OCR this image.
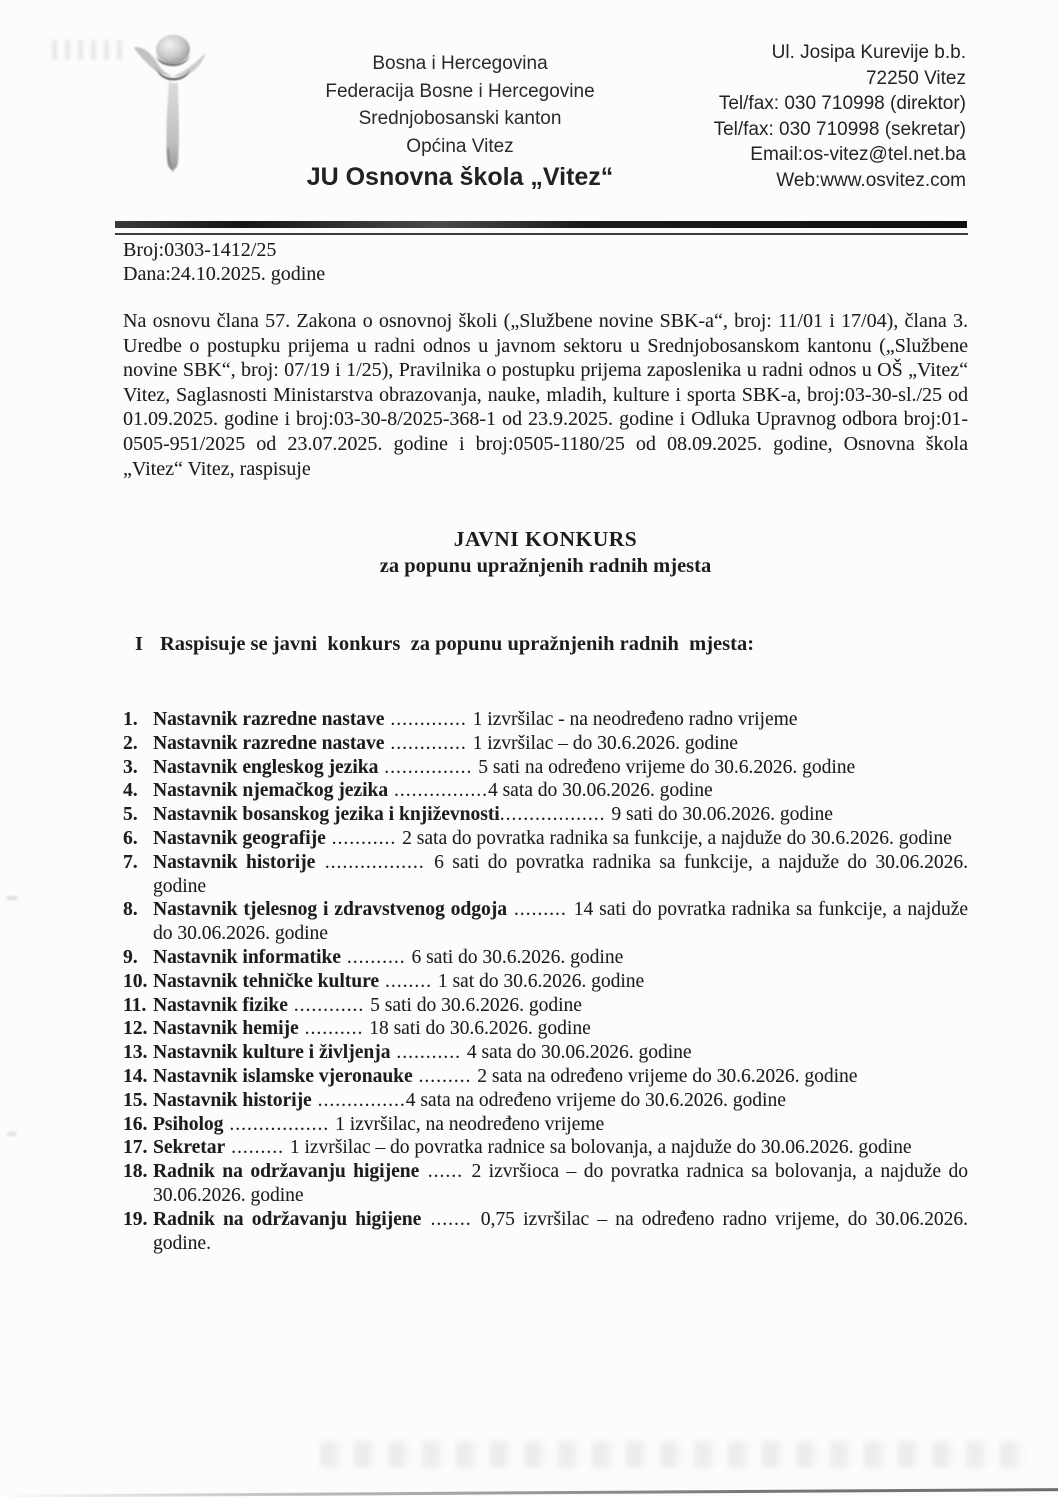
Bosna i Hercegovina
Federacija Bosne i Hercegovine
Srednjobosanski kanton
Općina Vitez
JU Osnovna škola „Vitez“
Ul. Josipa Kurevije b.b.
72250 Vitez
Tel/fax: 030 710998 (direktor)
Tel/fax: 030 710998 (sekretar)
Email:os-vitez@tel.net.ba
Web:www.osvitez.com
Broj:0303-1412/25
Dana:24.10.2025. godine

Na osnovu člana 57. Zakona o osnovnoj školi („Službene novine SBK-a“, broj: 11/01 i 17/04), člana 3. Uredbe o postupku prijema u radni odnos u javnom sektoru u Srednjobosanskom kantonu („Službene novine SBK“, broj: 07/19 i 1/25), Pravilnika o postupku prijema zaposlenika u radni odnos u OŠ „Vitez“ Vitez, Saglasnosti Ministarstva obrazovanja, nauke, mladih, kulture i sporta SBK-a, broj:03-30-sl./25 od 01.09.2025. godine i broj:03-30-8/2025-368-1 od 23.9.2025. godine i Odluka Upravnog odbora broj:01-0505-951/2025 od 23.07.2025. godine i broj:0505-1180/25 od 08.09.2025. godine, Osnovna škola „Vitez“ Vitez, raspisuje

JAVNI KONKURS
za popunu upražnjenih radnih mjesta
I Raspisuje se javni  konkurs  za popunu upražnjenih radnih  mjesta:
1. Nastavnik razredne nastave ............. 1 izvršilac - na neodređeno radno vrijeme
2. Nastavnik razredne nastave ............. 1 izvršilac – do 30.6.2026. godine
3. Nastavnik engleskog jezika ............... 5 sati na određeno vrijeme do 30.6.2026. godine
4. Nastavnik njemačkog jezika ................4 sata do 30.06.2026. godine
5. Nastavnik bosanskog jezika i književnosti.................. 9 sati do 30.06.2026. godine
6. Nastavnik geografije ........... 2 sata do povratka radnika sa funkcije, a najduže do 30.6.2026. godine
7. Nastavnik historije ................. 6 sati do povratka radnika sa funkcije, a najduže do 30.06.2026. godine
8. Nastavnik tjelesnog i zdravstvenog odgoja ......... 14 sati do povratka radnika sa funkcije, a najduže do 30.06.2026. godine
9. Nastavnik informatike .......... 6 sati do 30.6.2026. godine
10. Nastavnik tehničke kulture ........ 1 sat do 30.6.2026. godine
11. Nastavnik fizike ............ 5 sati do 30.6.2026. godine
12. Nastavnik hemije .......... 18 sati do 30.6.2026. godine
13. Nastavnik kulture i življenja ........... 4 sata do 30.06.2026. godine
14. Nastavnik islamske vjeronauke ......... 2 sata na određeno vrijeme do 30.6.2026. godine
15. Nastavnik historije ...............4 sata na određeno vrijeme do 30.6.2026. godine
16. Psiholog ................. 1 izvršilac, na neodređeno vrijeme
17. Sekretar ......... 1 izvršilac – do povratka radnice sa bolovanja, a najduže do 30.06.2026. godine
18. Radnik na održavanju higijene ...... 2 izvršioca – do povratka radnica sa bolovanja, a najduže do 30.06.2026. godine
19. Radnik na održavanju higijene ....... 0,75 izvršilac – na određeno radno vrijeme, do 30.06.2026. godine.
